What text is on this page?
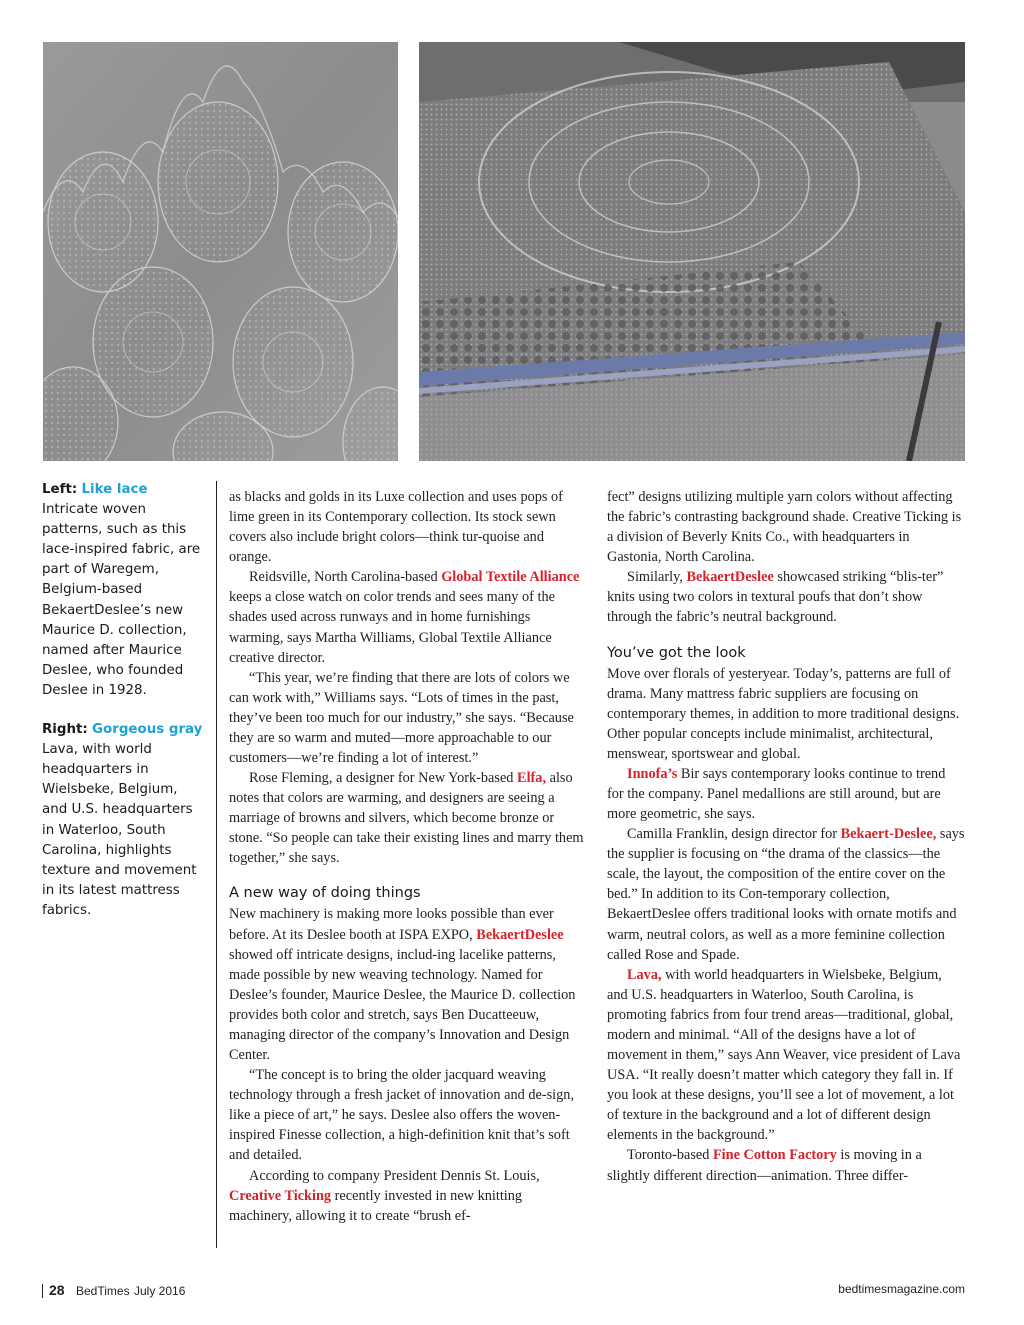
Left: Like lace Intricate woven patterns, such as this lace-inspired fabric, are part of Waregem, Belgium-based BekaertDeslee’s new Maurice D. collection, named after Maurice Deslee, who founded Deslee in 1928.

Right: Gorgeous gray Lava, with world headquarters in Wielsbeke, Belgium, and U.S. headquarters in Waterloo, South Carolina, highlights texture and movement in its latest mattress fabrics.

as blacks and golds in its Luxe collection and uses pops of lime green in its Contemporary collection. Its stock sewn covers also include bright colors—think tur-quoise and orange.

Reidsville, North Carolina-based Global Textile Alliance keeps a close watch on color trends and sees many of the shades used across runways and in home furnishings warming, says Martha Williams, Global Textile Alliance creative director.

“This year, we’re finding that there are lots of colors we can work with,” Williams says. “Lots of times in the past, they’ve been too much for our industry,” she says. “Because they are so warm and muted—more approachable to our customers—we’re finding a lot of interest.”

Rose Fleming, a designer for New York-based Elfa, also notes that colors are warming, and designers are seeing a marriage of browns and silvers, which become bronze or stone. “So people can take their existing lines and marry them together,” she says.

A new way of doing things

New machinery is making more looks possible than ever before. At its Deslee booth at ISPA EXPO, BekaertDeslee showed off intricate designs, includ-ing lacelike patterns, made possible by new weaving technology. Named for Deslee’s founder, Maurice Deslee, the Maurice D. collection provides both color and stretch, says Ben Ducatteeuw, managing director of the company’s Innovation and Design Center.

“The concept is to bring the older jacquard weaving technology through a fresh jacket of innovation and de-sign, like a piece of art,” he says. Deslee also offers the woven-inspired Finesse collection, a high-definition knit that’s soft and detailed.

According to company President Dennis St. Louis, Creative Ticking recently invested in new knitting machinery, allowing it to create “brush ef-

fect” designs utilizing multiple yarn colors without affecting the fabric’s contrasting background shade. Creative Ticking is a division of Beverly Knits Co., with headquarters in Gastonia, North Carolina.

Similarly, BekaertDeslee showcased striking “blis-ter” knits using two colors in textural poufs that don’t show through the fabric’s neutral background.

You’ve got the look

Move over florals of yesteryear. Today’s, patterns are full of drama. Many mattress fabric suppliers are focusing on contemporary themes, in addition to more traditional designs. Other popular concepts include minimalist, architectural, menswear, sportswear and global.

Innofa’s Bir says contemporary looks continue to trend for the company. Panel medallions are still around, but are more geometric, she says.

Camilla Franklin, design director for Bekaert-Deslee, says the supplier is focusing on “the drama of the classics—the scale, the layout, the composition of the entire cover on the bed.” In addition to its Con-temporary collection, BekaertDeslee offers traditional looks with ornate motifs and warm, neutral colors, as well as a more feminine collection called Rose and Spade.

Lava, with world headquarters in Wielsbeke, Belgium, and U.S. headquarters in Waterloo, South Carolina, is promoting fabrics from four trend areas—traditional, global, modern and minimal. “All of the designs have a lot of movement in them,” says Ann Weaver, vice president of Lava USA. “It really doesn’t matter which category they fall in. If you look at these designs, you’ll see a lot of movement, a lot of texture in the background and a lot of different design elements in the background.”

Toronto-based Fine Cotton Factory is moving in a slightly different direction—animation. Three differ-

28 BedTimes July 2016	bedtimesmagazine.com
